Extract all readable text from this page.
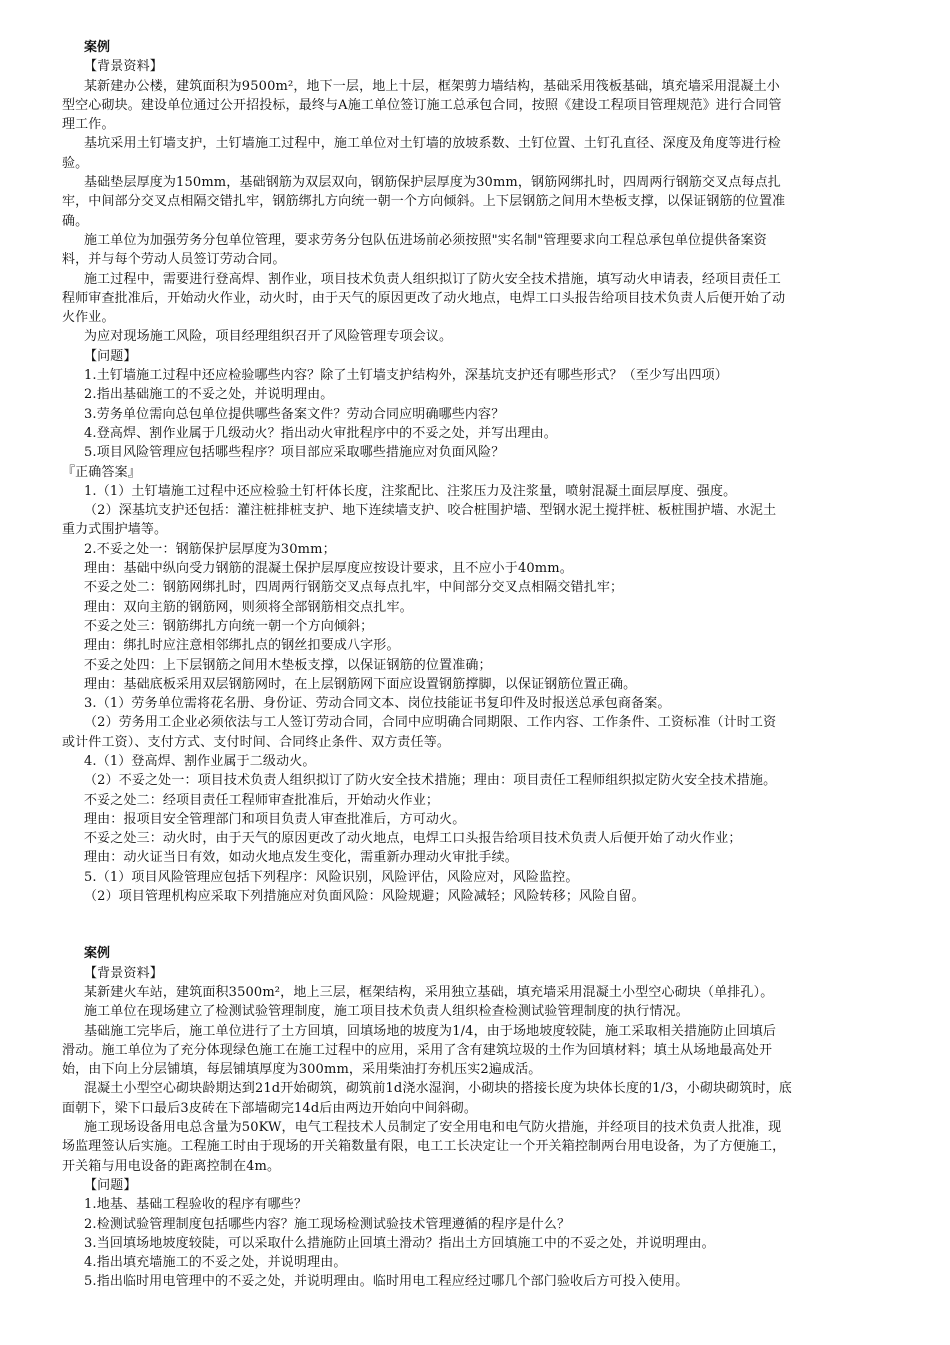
案例
【背景资料】
某新建办公楼，建筑面积为9500m²，地下一层，地上十层，框架剪力墙结构，基础采用筏板基础，填充墙采用混凝土小
型空心砌块。建设单位通过公开招投标，最终与A施工单位签订施工总承包合同，按照《建设工程项目管理规范》进行合同管
理工作。
基坑采用土钉墙支护，土钉墙施工过程中，施工单位对土钉墙的放坡系数、土钉位置、土钉孔直径、深度及角度等进行检
验。
基础垫层厚度为150mm，基础钢筋为双层双向，钢筋保护层厚度为30mm，钢筋网绑扎时，四周两行钢筋交叉点每点扎
牢，中间部分交叉点相隔交错扎牢，钢筋绑扎方向统一朝一个方向倾斜。上下层钢筋之间用木垫板支撑，以保证钢筋的位置准
确。
施工单位为加强劳务分包单位管理，要求劳务分包队伍进场前必须按照"实名制"管理要求向工程总承包单位提供备案资
料，并与每个劳动人员签订劳动合同。
施工过程中，需要进行登高焊、割作业，项目技术负责人组织拟订了防火安全技术措施，填写动火申请表，经项目责任工
程师审查批准后，开始动火作业，动火时，由于天气的原因更改了动火地点，电焊工口头报告给项目技术负责人后便开始了动
火作业。
为应对现场施工风险，项目经理组织召开了风险管理专项会议。
【问题】
1.土钉墙施工过程中还应检验哪些内容？除了土钉墙支护结构外，深基坑支护还有哪些形式？（至少写出四项）
2.指出基础施工的不妥之处，并说明理由。
3.劳务单位需向总包单位提供哪些备案文件？劳动合同应明确哪些内容？
4.登高焊、割作业属于几级动火？指出动火审批程序中的不妥之处，并写出理由。
5.项目风险管理应包括哪些程序？项目部应采取哪些措施应对负面风险？
『正确答案』
1.（1）土钉墙施工过程中还应检验土钉杆体长度，注浆配比、注浆压力及注浆量，喷射混凝土面层厚度、强度。
（2）深基坑支护还包括：灌注桩排桩支护、地下连续墙支护、咬合桩围护墙、型钢水泥土搅拌桩、板桩围护墙、水泥土
重力式围护墙等。
2.不妥之处一：钢筋保护层厚度为30mm；
理由：基础中纵向受力钢筋的混凝土保护层厚度应按设计要求，且不应小于40mm。
不妥之处二：钢筋网绑扎时，四周两行钢筋交叉点每点扎牢，中间部分交叉点相隔交错扎牢；
理由：双向主筋的钢筋网，则须将全部钢筋相交点扎牢。
不妥之处三：钢筋绑扎方向统一朝一个方向倾斜；
理由：绑扎时应注意相邻绑扎点的钢丝扣要成八字形。
不妥之处四：上下层钢筋之间用木垫板支撑，以保证钢筋的位置准确；
理由：基础底板采用双层钢筋网时，在上层钢筋网下面应设置钢筋撑脚，以保证钢筋位置正确。
3.（1）劳务单位需将花名册、身份证、劳动合同文本、岗位技能证书复印件及时报送总承包商备案。
（2）劳务用工企业必须依法与工人签订劳动合同，合同中应明确合同期限、工作内容、工作条件、工资标准（计时工资
或计件工资）、支付方式、支付时间、合同终止条件、双方责任等。
4.（1）登高焊、割作业属于二级动火。
（2）不妥之处一：项目技术负责人组织拟订了防火安全技术措施；理由：项目责任工程师组织拟定防火安全技术措施。
不妥之处二：经项目责任工程师审查批准后，开始动火作业；
理由：报项目安全管理部门和项目负责人审查批准后，方可动火。
不妥之处三：动火时，由于天气的原因更改了动火地点，电焊工口头报告给项目技术负责人后便开始了动火作业；
理由：动火证当日有效，如动火地点发生变化，需重新办理动火审批手续。
5.（1）项目风险管理应包括下列程序：风险识别，风险评估，风险应对，风险监控。
（2）项目管理机构应采取下列措施应对负面风险：风险规避；风险减轻；风险转移；风险自留。
案例
【背景资料】
某新建火车站，建筑面积3500m²，地上三层，框架结构，采用独立基础，填充墙采用混凝土小型空心砌块（单排孔）。
施工单位在现场建立了检测试验管理制度，施工项目技术负责人组织检查检测试验管理制度的执行情况。
基础施工完毕后，施工单位进行了土方回填，回填场地的坡度为1/4，由于场地坡度较陡，施工采取相关措施防止回填后
滑动。施工单位为了充分体现绿色施工在施工过程中的应用，采用了含有建筑垃圾的土作为回填材料；填土从场地最高处开
始，由下向上分层铺填，每层铺填厚度为300mm，采用柴油打夯机压实2遍成活。
混凝土小型空心砌块龄期达到21d开始砌筑，砌筑前1d浇水湿润，小砌块的搭接长度为块体长度的1/3，小砌块砌筑时，底
面朝下，梁下口最后3皮砖在下部墙砌完14d后由两边开始向中间斜砌。
施工现场设备用电总含量为50KW，电气工程技术人员制定了安全用电和电气防火措施，并经项目的技术负责人批准，现
场监理签认后实施。工程施工时由于现场的开关箱数量有限，电工工长决定让一个开关箱控制两台用电设备，为了方便施工，
开关箱与用电设备的距离控制在4m。
【问题】
1.地基、基础工程验收的程序有哪些？
2.检测试验管理制度包括哪些内容？施工现场检测试验技术管理遵循的程序是什么？
3.当回填场地坡度较陡，可以采取什么措施防止回填土滑动？指出土方回填施工中的不妥之处，并说明理由。
4.指出填充墙施工的不妥之处，并说明理由。
5.指出临时用电管理中的不妥之处，并说明理由。临时用电工程应经过哪几个部门验收后方可投入使用。
